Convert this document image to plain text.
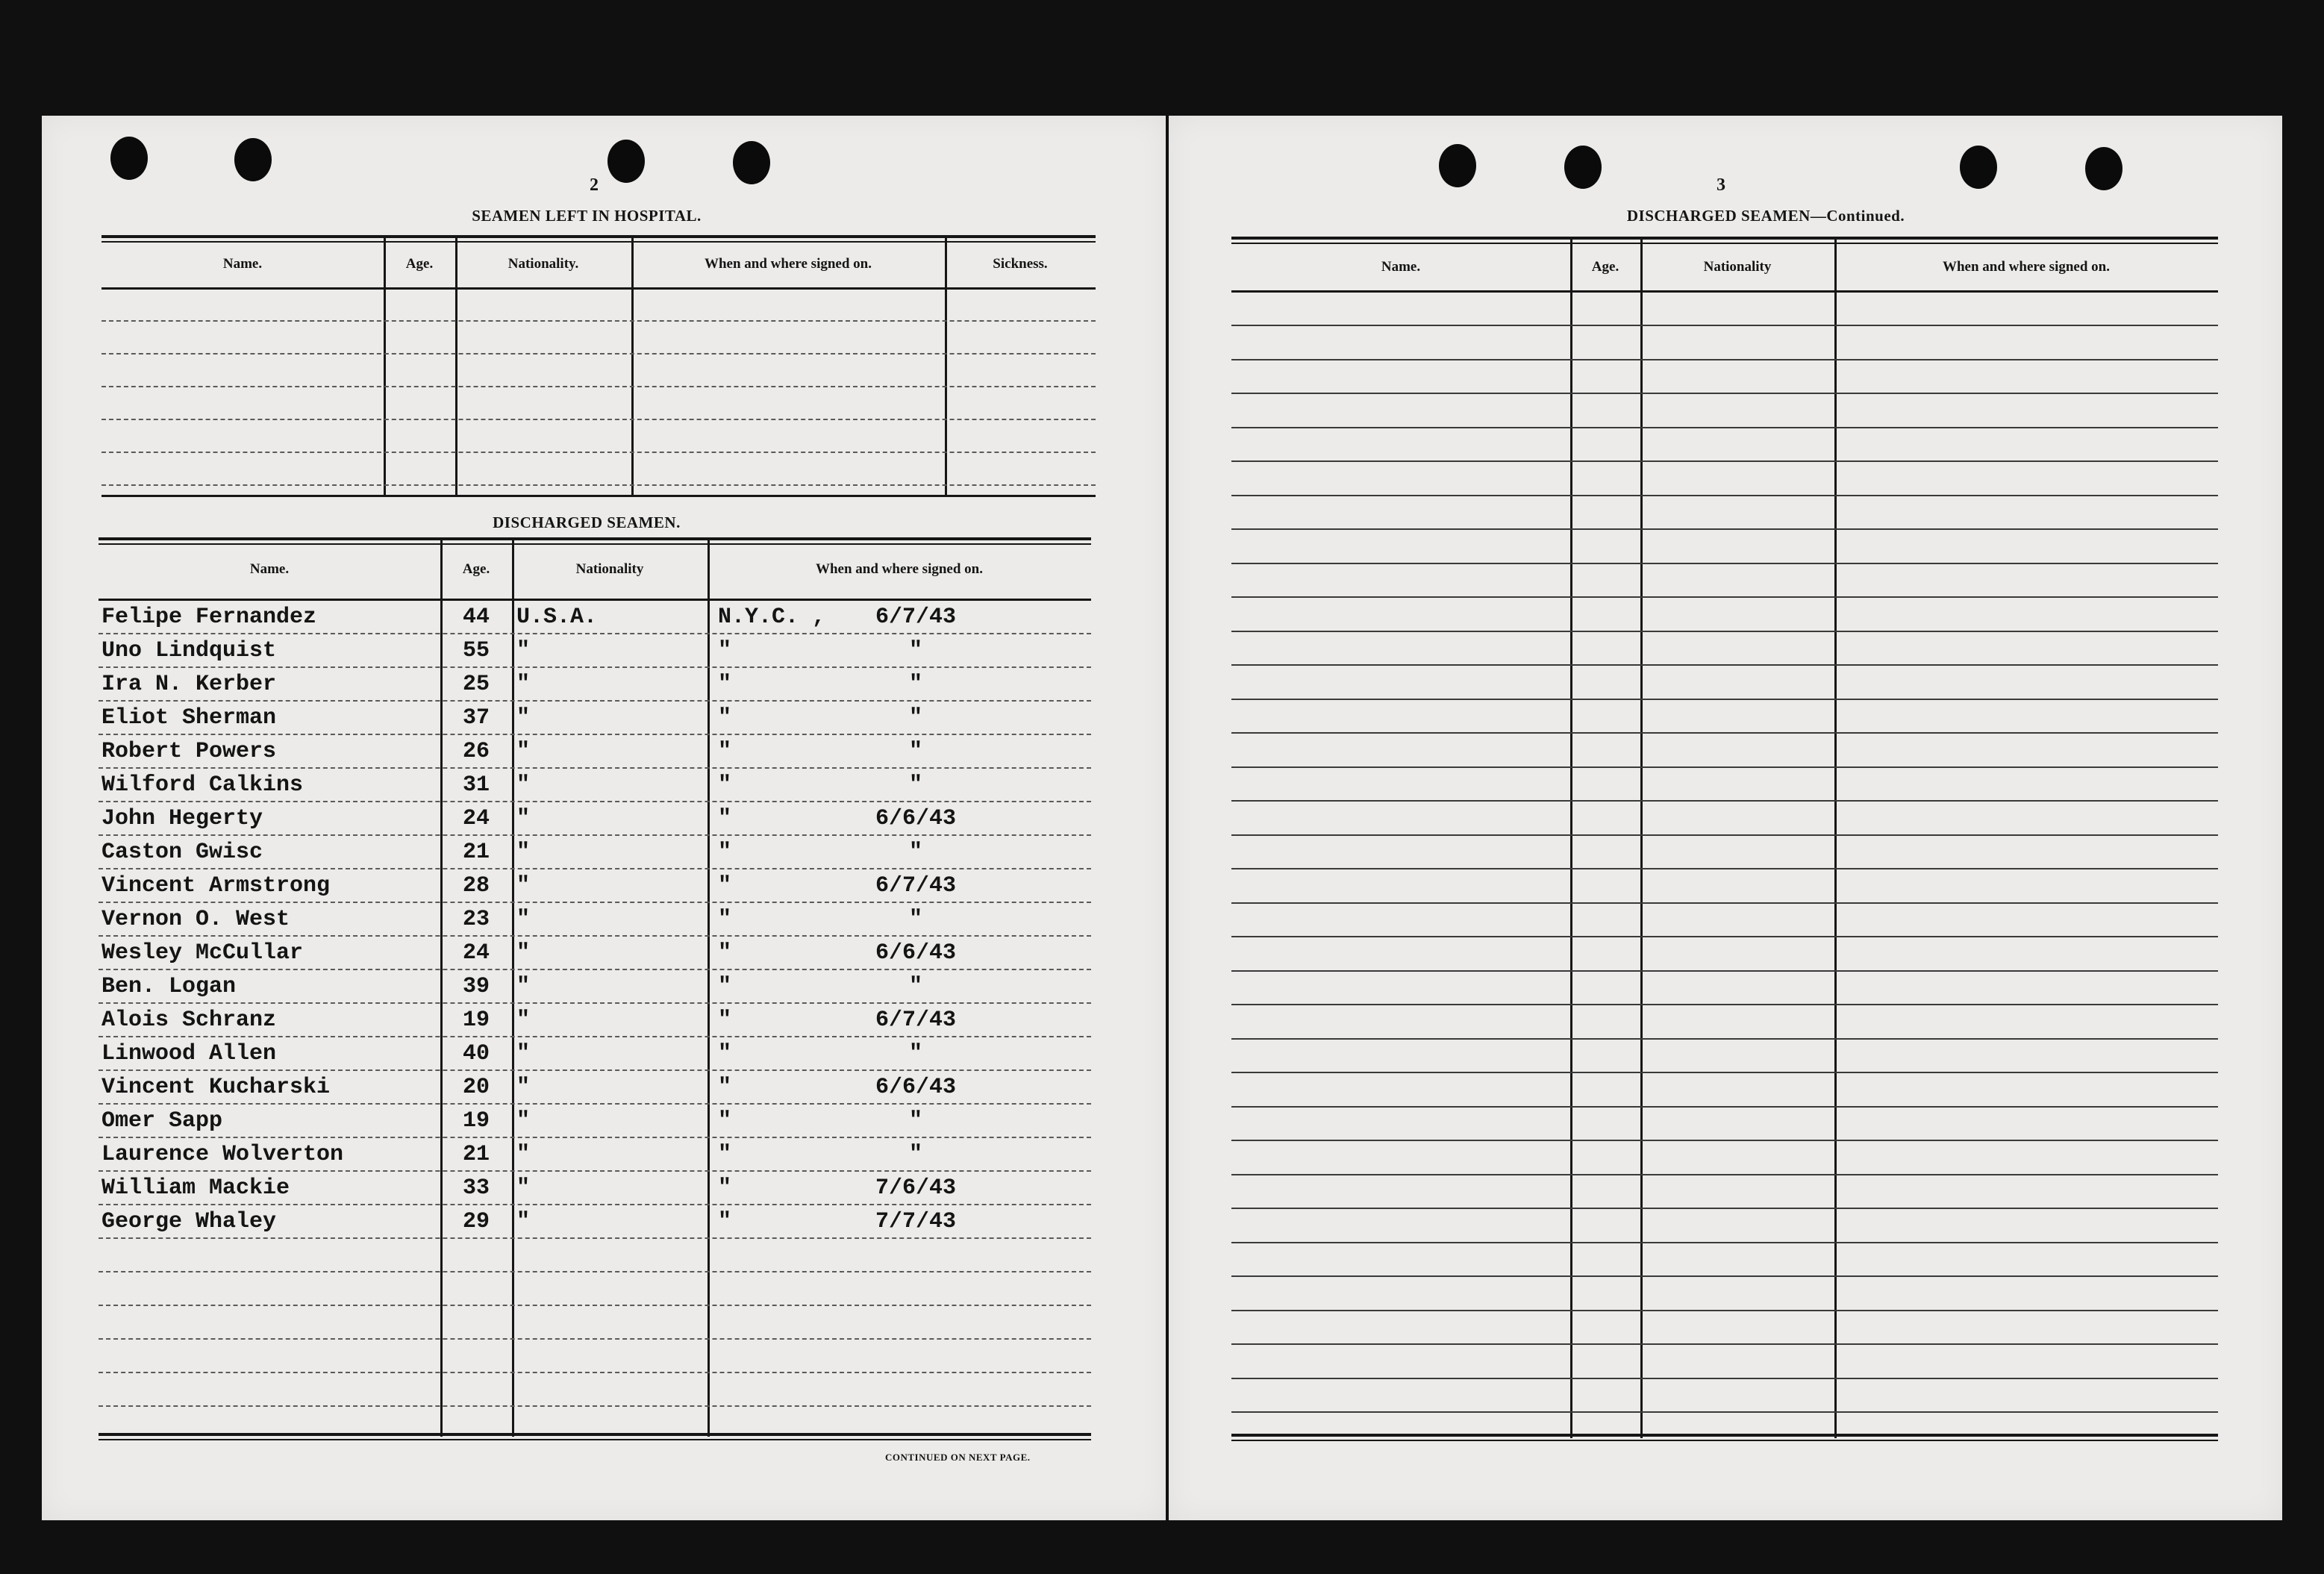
2
SEAMEN LEFT IN HOSPITAL.
Name.	Age.	Nationality.	When and where signed on.	Sickness.
DISCHARGED SEAMEN.
Name.	Age.	Nationality	When and where signed on.
Felipe Fernandez	44	U.S.A.	N.Y.C. ,	6/7/43
Uno Lindquist	55	"	"	"
Ira N. Kerber	25	"	"	"
Eliot Sherman	37	"	"	"
Robert Powers	26	"	"	"
Wilford Calkins	31	"	"	"
John Hegerty	24	"	"	6/6/43
Caston Gwisc	21	"	"	"
Vincent Armstrong	28	"	"	6/7/43
Vernon O. West	23	"	"	"
Wesley McCullar	24	"	"	6/6/43
Ben. Logan	39	"	"	"
Alois Schranz	19	"	"	6/7/43
Linwood Allen	40	"	"	"
Vincent Kucharski	20	"	"	6/6/43
Omer Sapp	19	"	"	"
Laurence Wolverton	21	"	"	"
William Mackie	33	"	"	7/6/43
George Whaley	29	"	"	7/7/43
CONTINUED ON NEXT PAGE.
3
DISCHARGED SEAMEN—Continued.
Name.	Age.	Nationality	When and where signed on.
